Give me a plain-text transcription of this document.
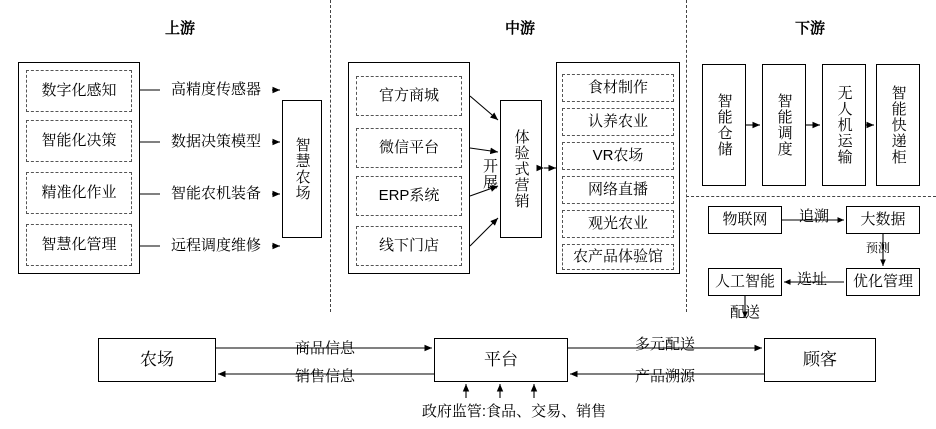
上游	中游	下游
数字化感知
智能化决策
精准化作业
智慧化管理
高精度传感器
数据决策模型
智能农机装备
远程调度维修
智慧农场
官方商城
微信平台
ERP系统
线下门店
开展 体验式营销
食材制作
认养农业
VR农场
网络直播
观光农业
农产品体验馆
智能仓储	智能调度	无人机运输 智能快递柜
物联网	大数据
人工智能	优化管理
追溯
预测
选址
配送
农场	平台	顾客
商品信息
销售信息
多元配送
产品溯源
政府监管:食品、交易、销售
